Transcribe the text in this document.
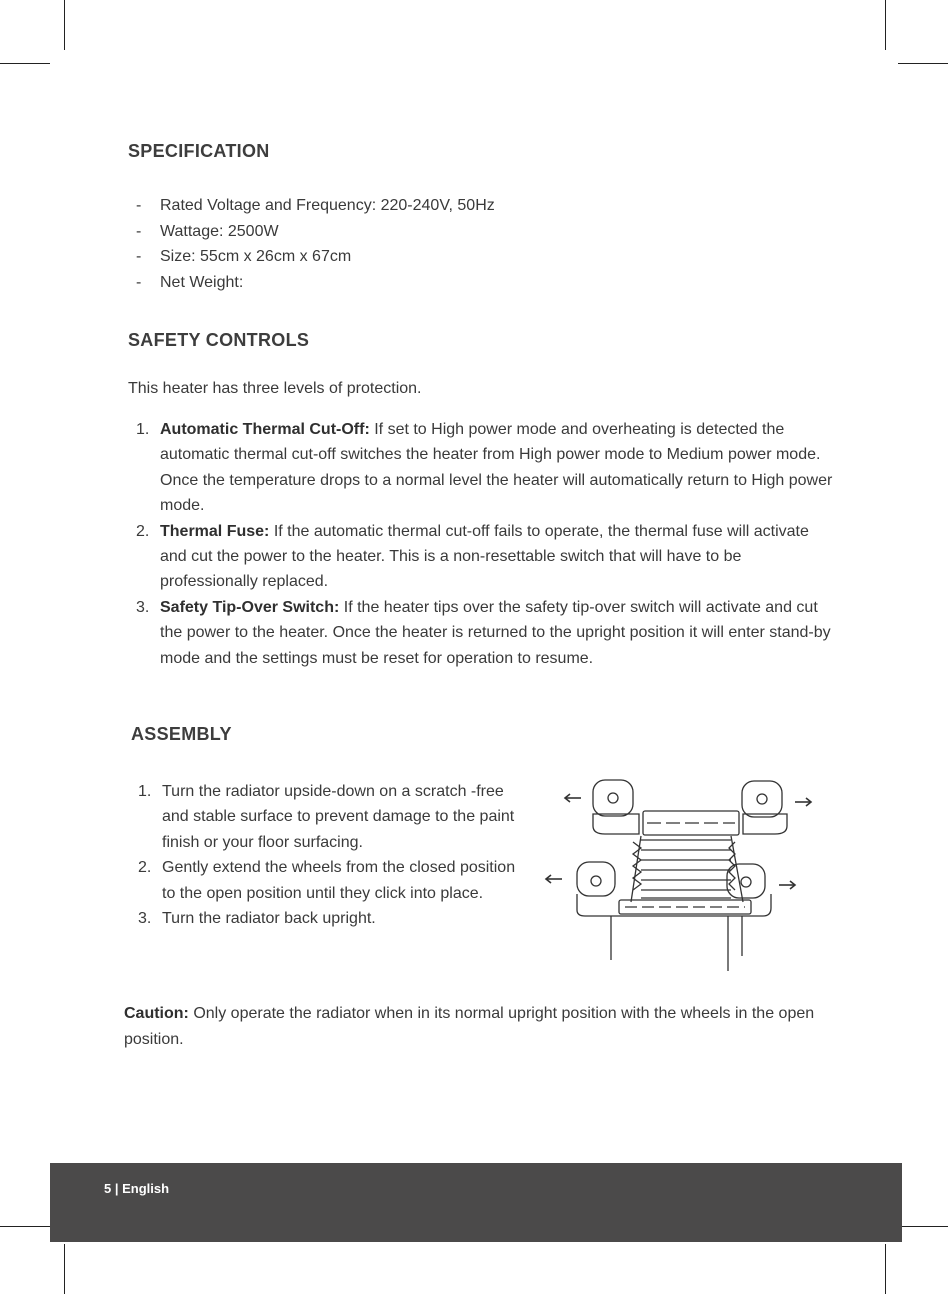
SPECIFICATION
- Rated Voltage and Frequency: 220-240V, 50Hz
- Wattage: 2500W
- Size: 55cm x 26cm x 67cm
- Net Weight:
SAFETY CONTROLS

This heater has three levels of protection.

1. Automatic Thermal Cut-Off: If set to High power mode and overheating is detected the automatic thermal cut-off switches the heater from High power mode to Medium power mode. Once the temperature drops to a normal level the heater will automatically return to High power mode.
2. Thermal Fuse: If the automatic thermal cut-off fails to operate, the thermal fuse will activate and cut the power to the heater. This is a non-resettable switch that will have to be professionally replaced.
3. Safety Tip-Over Switch: If the heater tips over the safety tip-over switch will activate and cut the power to the heater. Once the heater is returned to the upright position it will enter stand-by mode and the settings must be reset for operation to resume.
ASSEMBLY
1. Turn the radiator upside-down on a scratch -free and stable surface to prevent damage to the paint finish or your floor surfacing.
2. Gently extend the wheels from the closed position to the open position until they click into place.
3. Turn the radiator back upright.

Caution: Only operate the radiator when in its normal upright position with the wheels in the open position.

5 | English
